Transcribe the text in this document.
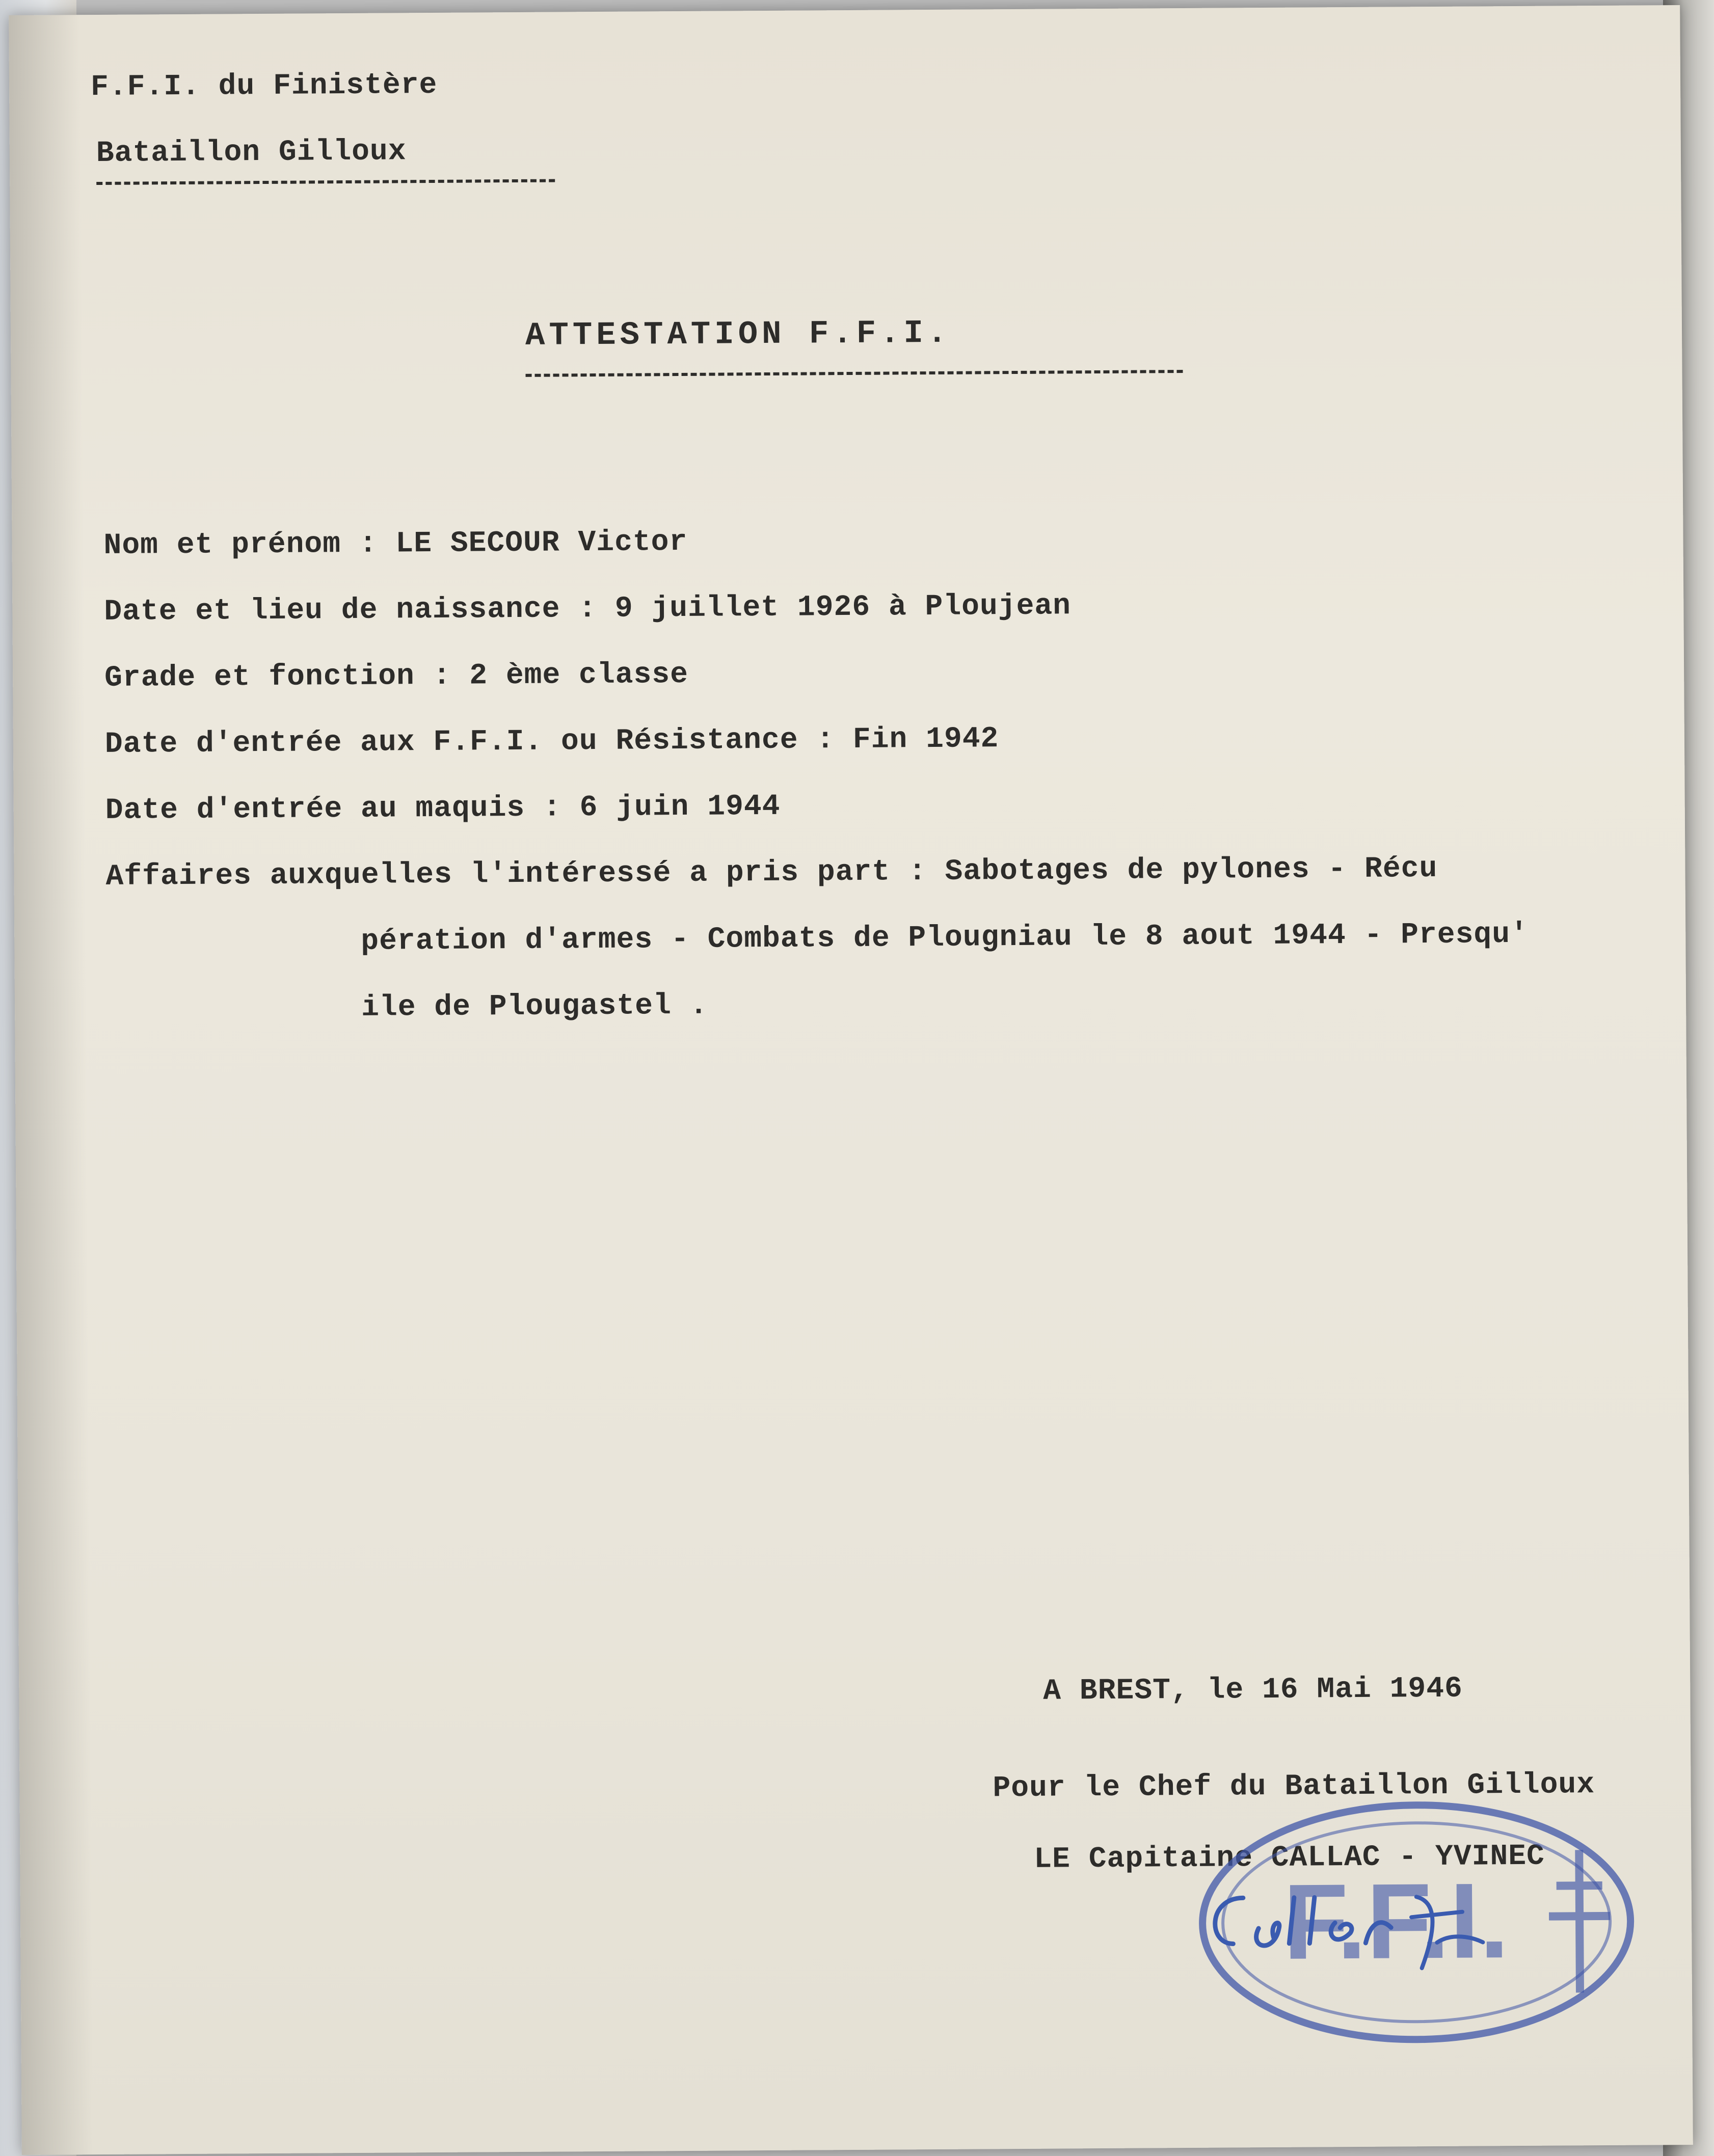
F.F.I. du Finistère
Bataillon Gilloux
ATTESTATION F.F.I.
Nom et prénom : LE SECOUR Victor
Date et lieu de naissance : 9 juillet 1926 à Ploujean
Grade et fonction : 2 ème classe
Date d'entrée aux F.F.I. ou Résistance : Fin 1942
Date d'entrée au maquis : 6 juin 1944
Affaires auxquelles l'intéressé a pris part : Sabotages de pylones - Récu
pération d'armes - Combats de Plougniau le 8 aout 1944 - Presqu'
ile de Plougastel .
A BREST, le 16 Mai 1946
Pour le Chef du Bataillon Gilloux
LE Capitaine CALLAC - YVINEC
F.F.I.
